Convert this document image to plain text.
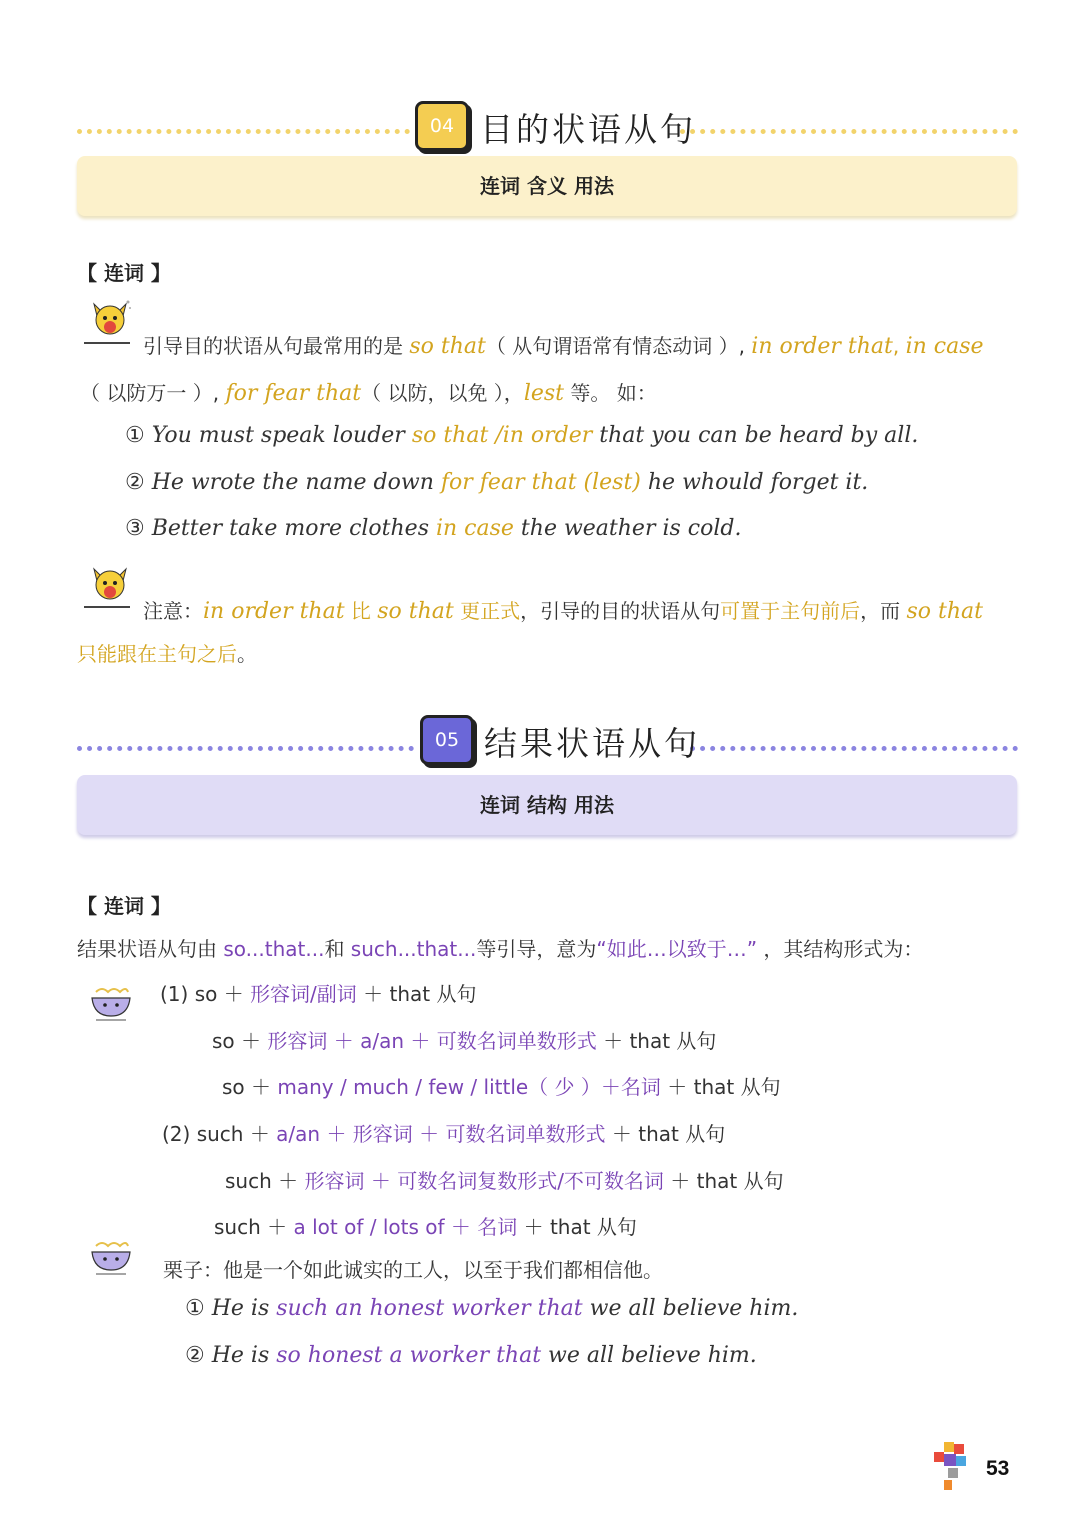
04 目的状语从句
连词 含义 用法
【 连词 】
引导目的状语从句最常用的是 so that（ 从句谓语常有情态动词 ）, in order that, in case
（ 以防万一 ）, for fear that（ 以防，以免 ），lest 等。 如：
① You must speak louder so that /in order that you can be heard by all.
② He wrote the name down for fear that (lest) he whould forget it.
③ Better take more clothes in case the weather is cold.
注意：in order that 比 so that 更正式，引导的目的状语从句可置于主句前后，而 so that
只能跟在主句之后。
05 结果状语从句
连词 结构 用法
【 连词 】
结果状语从句由 so...that...和 such...that...等引导，意为“如此…以致于…” ，其结构形式为：
(1) so ＋ 形容词/副词 ＋ that 从句
so ＋ 形容词 ＋ a/an ＋ 可数名词单数形式 ＋ that 从句
so ＋ many / much / few / little（ 少 ）＋名词 ＋ that 从句
(2) such ＋ a/an ＋ 形容词 ＋ 可数名词单数形式 ＋ that 从句
such ＋ 形容词 ＋ 可数名词复数形式/不可数名词 ＋ that 从句
such ＋ a lot of / lots of ＋ 名词 ＋ that 从句
栗子：他是一个如此诚实的工人，以至于我们都相信他。
① He is such an honest worker that we all believe him.
② He is so honest a worker that we all believe him.
53
